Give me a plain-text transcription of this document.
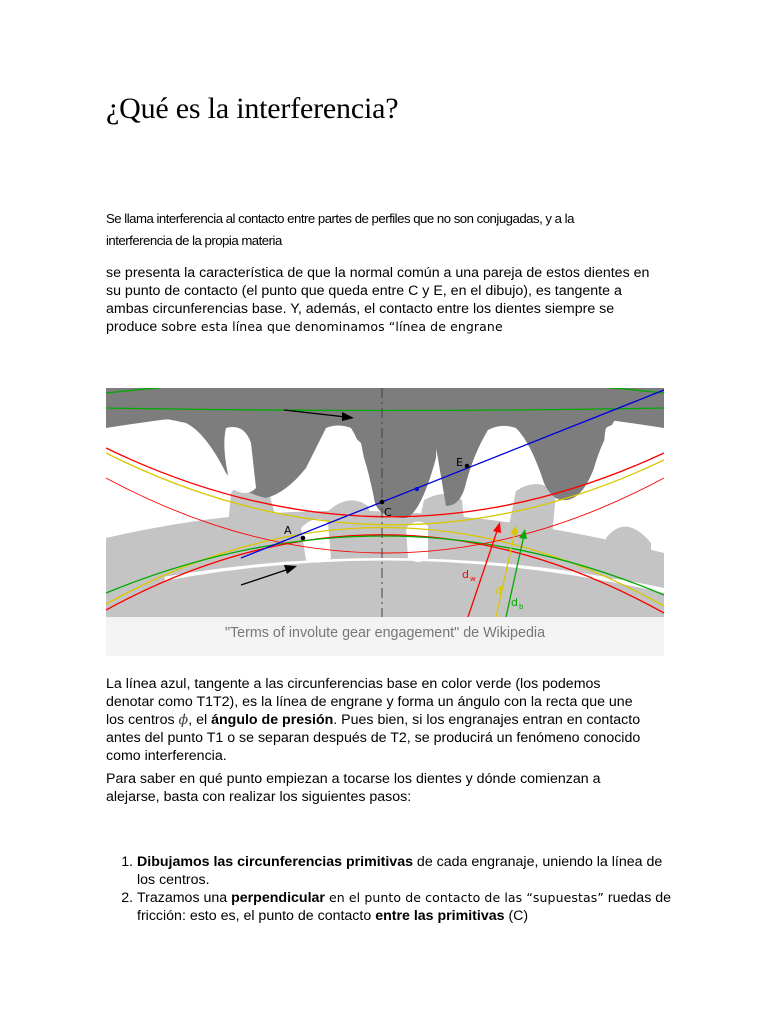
¿Qué es la interferencia?
Se llama interferencia al contacto entre partes de perfiles que no son conjugadas, y a la interferencia de la propia materia

se presenta la característica de que la normal común a una pareja de estos dientes en su punto de contacto (el punto que queda entre C y E, en el dibujo), es tangente a ambas circunferencias base. Y, además, el contacto entre los dientes siempre se produce sobre esta línea que denominamos “línea de engrane

A
C
E
d w
d
d b
"Terms of involute gear engagement" de Wikipedia

La línea azul, tangente a las circunferencias base en color verde (los podemos denotar como T1T2), es la línea de engrane y forma un ángulo con la recta que une los centros ϕ, el ángulo de presión. Pues bien, si los engranajes entran en contacto antes del punto T1 o se separan después de T2, se producirá un fenómeno conocido como interferencia.

Para saber en qué punto empiezan a tocarse los dientes y dónde comienzan a alejarse, basta con realizar los siguientes pasos:

1. Dibujamos las circunferencias primitivas de cada engranaje, uniendo la línea de los centros.
2. Trazamos una perpendicular en el punto de contacto de las “supuestas” ruedas de fricción: esto es, el punto de contacto entre las primitivas (C)
